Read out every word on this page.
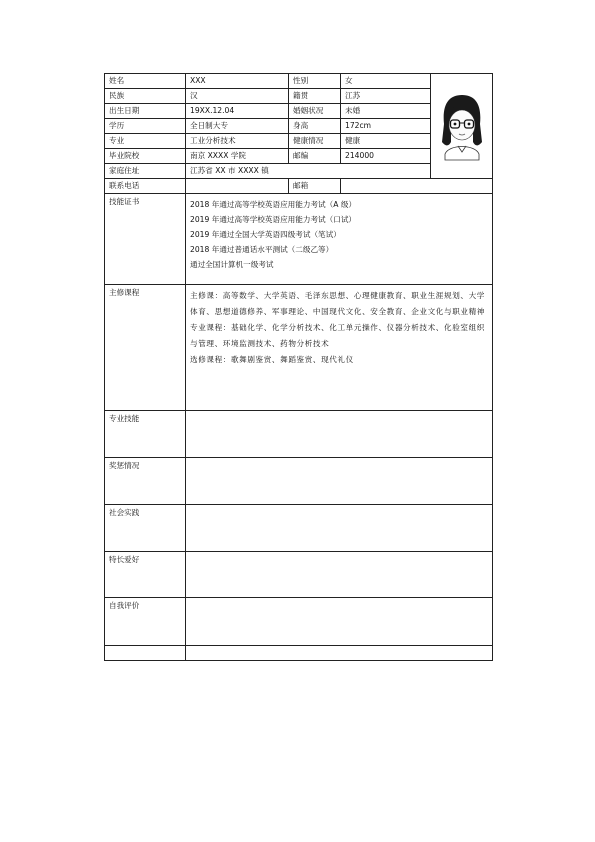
姓名	XXX	性别	女	

民族	汉	籍贯	江苏	
出生日期	19XX.12.04	婚姻状况	未婚	
学历	全日制大专	身高	172cm	
专业	工业分析技术	健康情况	健康	
毕业院校	南京 XXXX 学院	邮编	214000	
家庭住址	江苏省 XX 市 XXXX 镇			
联系电话		邮箱		
技能证书	2018 年通过高等学校英语应用能力考试（A 级）
2019 年通过高等学校英语应用能力考试（口试）
2019 年通过全国大学英语四级考试（笔试）
2018 年通过普通话水平测试（二级乙等）
通过全国计算机一级考试			

主修课程	主修课：高等数学、大学英语、毛泽东思想、心理健康教育、职业生涯规划、大学体育、思想道德修养、军事理论、中国现代文化、安全教育、企业文化与职业精神
专业课程：基础化学、化学分析技术、化工单元操作、仪器分析技术、化验室组织与管理、环境监测技术、药物分析技术
选修课程：歌舞剧鉴赏、舞蹈鉴赏、现代礼仪			

专业技能				
奖惩情况				
社会实践				
特长爱好				
自我评价				
